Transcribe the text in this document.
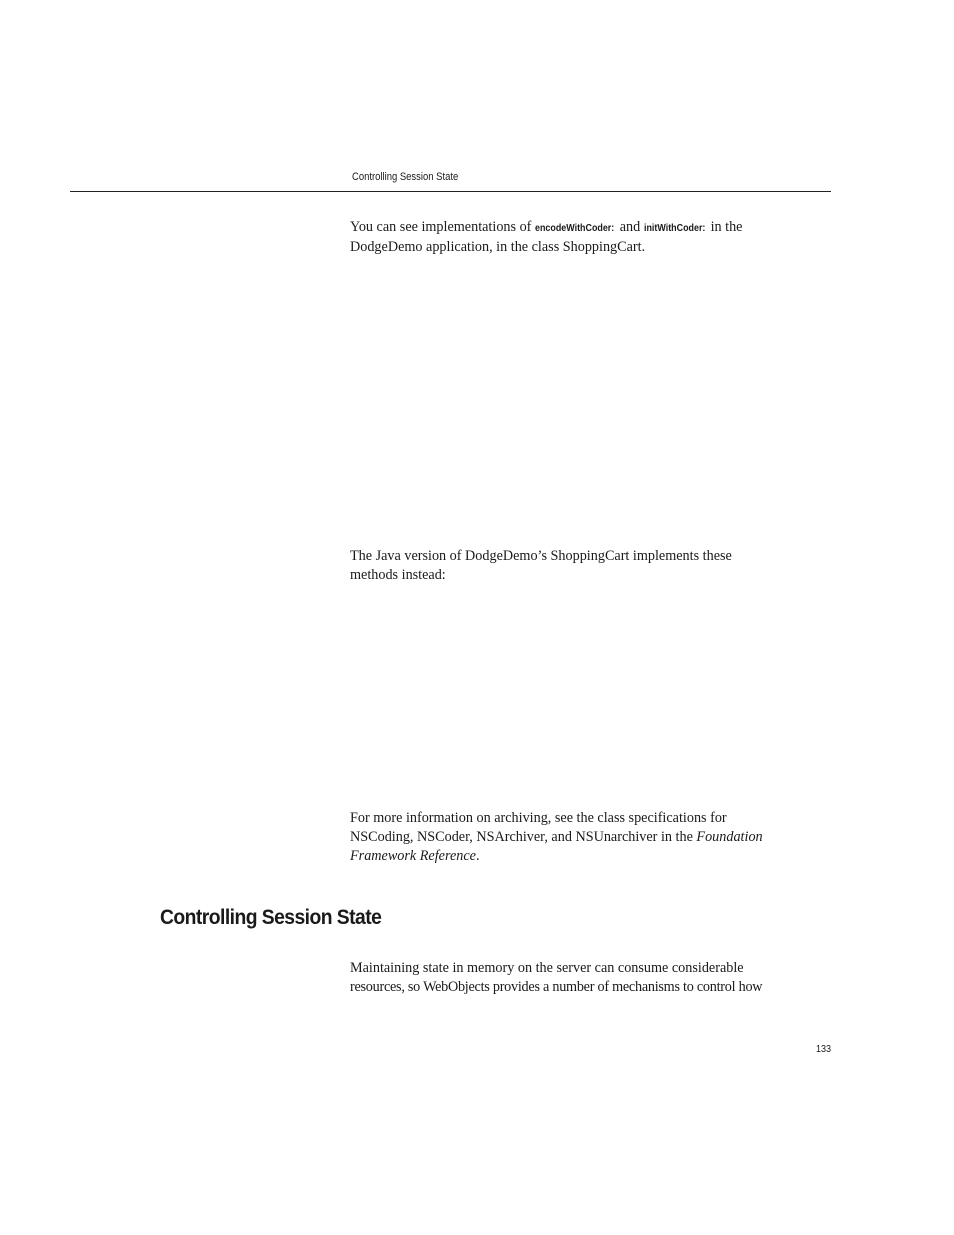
Controlling Session State

You can see implementations of encodeWithCoder: and initWithCoder: in the
DodgeDemo application, in the class ShoppingCart.

The Java version of DodgeDemo’s ShoppingCart implements these
methods instead:

For more information on archiving, see the class specifications for
NSCoding, NSCoder, NSArchiver, and NSUnarchiver in the Foundation
Framework Reference.

Controlling Session State

Maintaining state in memory on the server can consume considerable
resources, so WebObjects provides a number of mechanisms to control how

133
